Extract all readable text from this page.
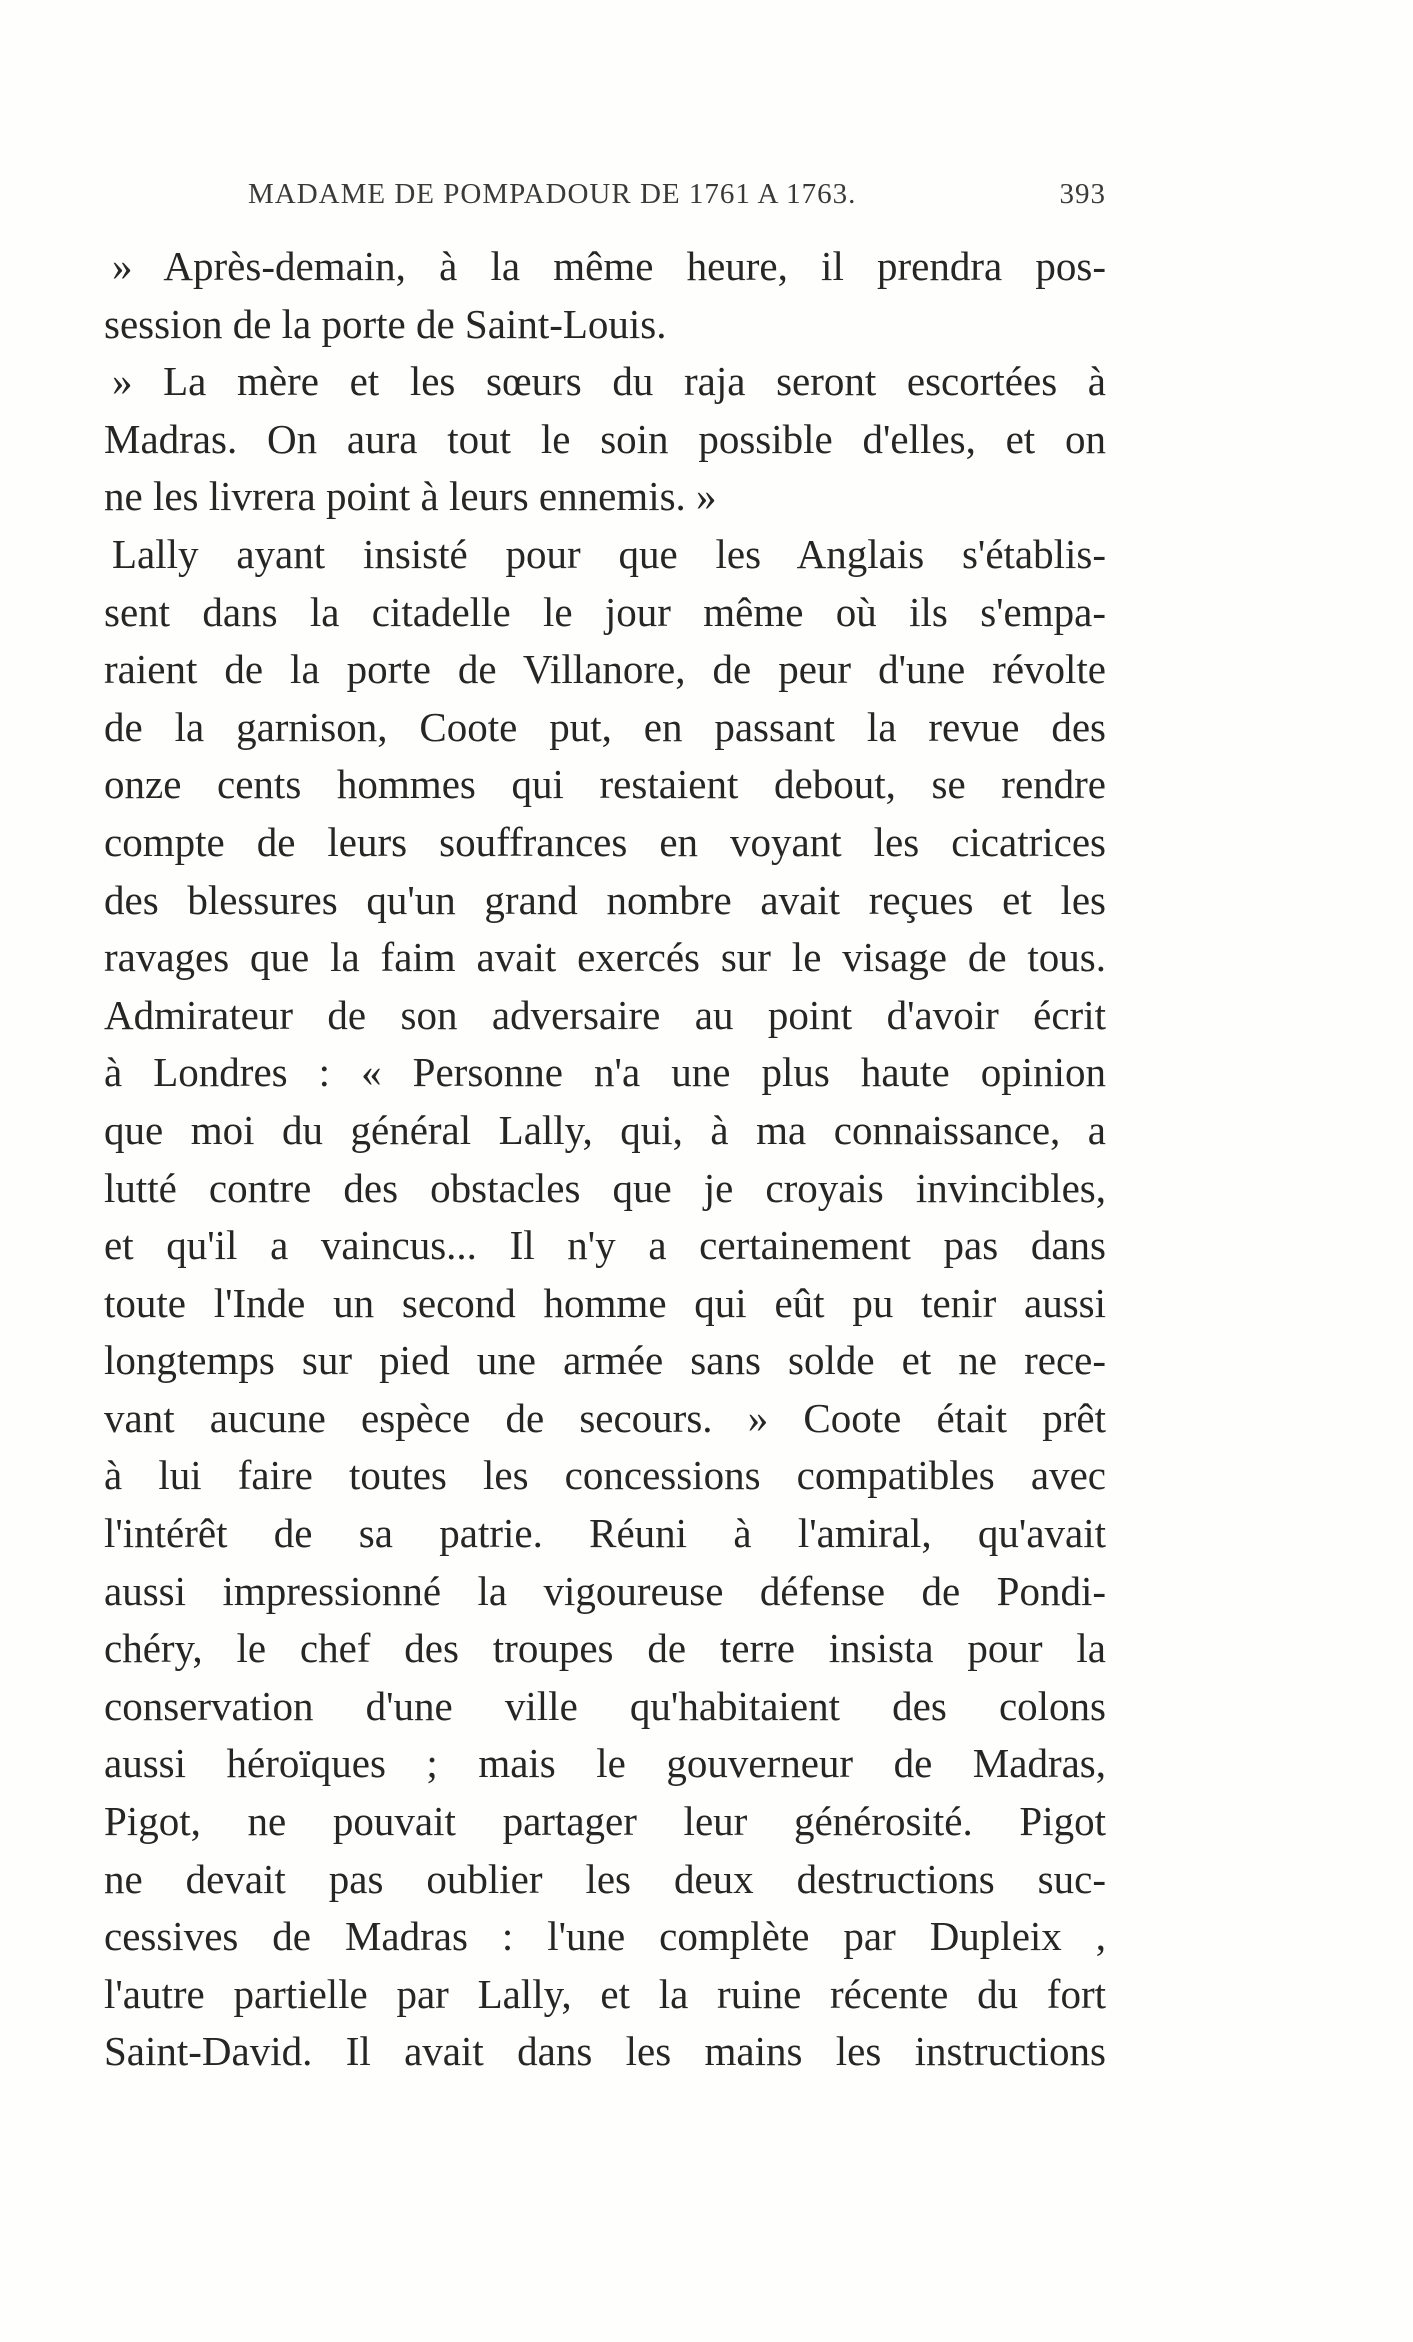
MADAME DE POMPADOUR DE 1761 A 1763.	393
» Après-demain, à la même heure, il prendra pos-
session de la porte de Saint-Louis.
» La mère et les sœurs du raja seront escortées à
Madras. On aura tout le soin possible d'elles, et on
ne les livrera point à leurs ennemis. »
Lally ayant insisté pour que les Anglais s'établis-
sent dans la citadelle le jour même où ils s'empa-
raient de la porte de Villanore, de peur d'une révolte
de la garnison, Coote put, en passant la revue des
onze cents hommes qui restaient debout, se rendre
compte de leurs souffrances en voyant les cicatrices
des blessures qu'un grand nombre avait reçues et les
ravages que la faim avait exercés sur le visage de tous.
Admirateur de son adversaire au point d'avoir écrit
à Londres : « Personne n'a une plus haute opinion
que moi du général Lally, qui, à ma connaissance, a
lutté contre des obstacles que je croyais invincibles,
et qu'il a vaincus... Il n'y a certainement pas dans
toute l'Inde un second homme qui eût pu tenir aussi
longtemps sur pied une armée sans solde et ne rece-
vant aucune espèce de secours. » Coote était prêt
à lui faire toutes les concessions compatibles avec
l'intérêt de sa patrie. Réuni à l'amiral, qu'avait
aussi impressionné la vigoureuse défense de Pondi-
chéry, le chef des troupes de terre insista pour la
conservation d'une ville qu'habitaient des colons
aussi héroïques ; mais le gouverneur de Madras,
Pigot, ne pouvait partager leur générosité. Pigot
ne devait pas oublier les deux destructions suc-
cessives de Madras : l'une complète par Dupleix ,
l'autre partielle par Lally, et la ruine récente du fort
Saint-David. Il avait dans les mains les instructions
